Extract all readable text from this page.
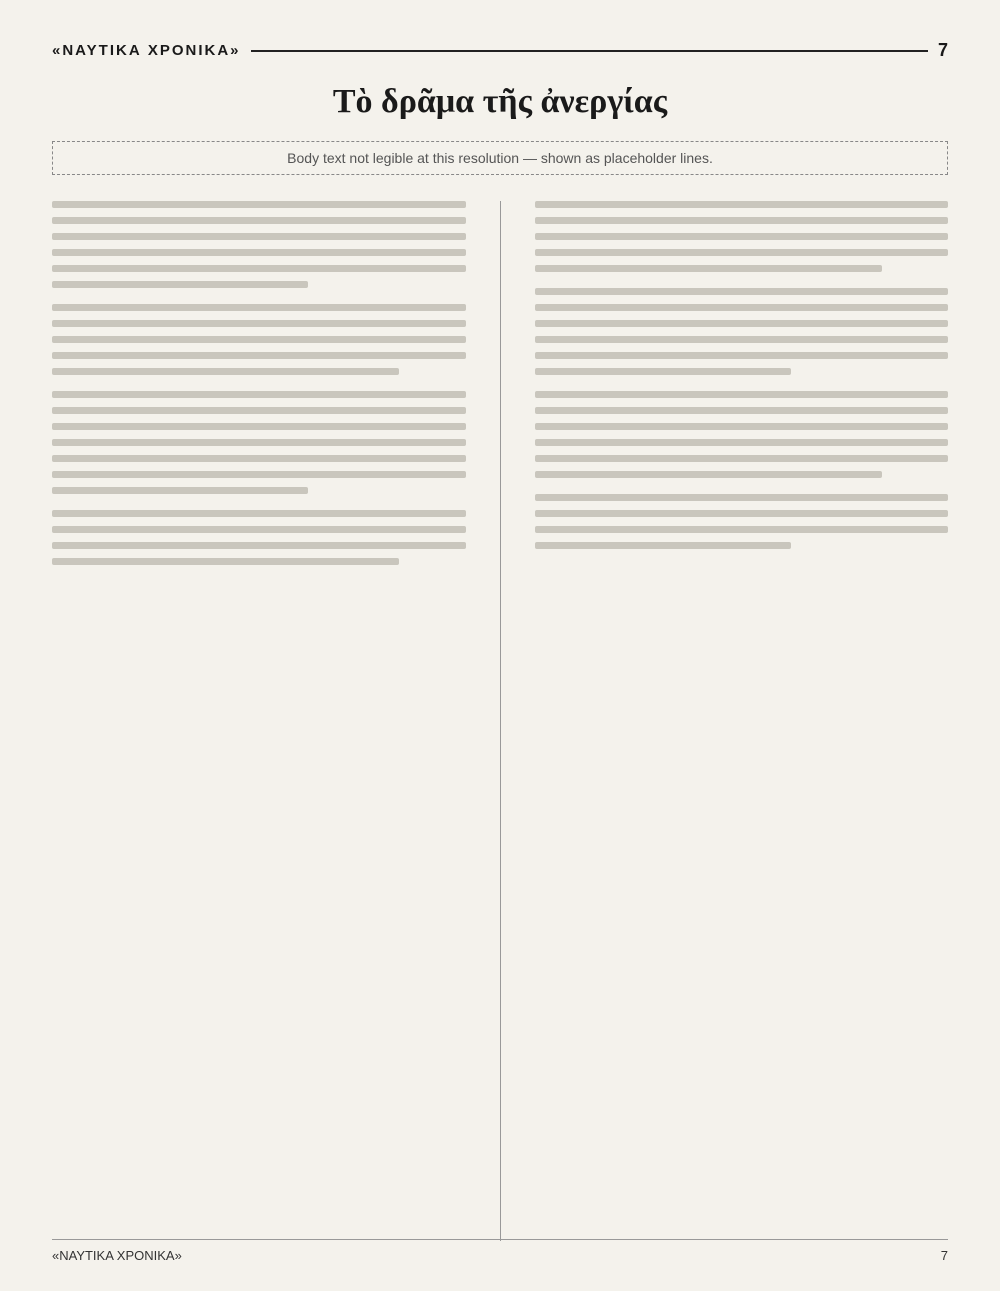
«ΝΑΥΤΙΚΑ ΧΡΟΝΙΚΑ»	7
Τὸ δρᾶμα τῆς ἀνεργίας
Body text not legible at this resolution — shown as placeholder lines.
«ΝΑΥΤΙΚΑ ΧΡΟΝΙΚΑ»	7
